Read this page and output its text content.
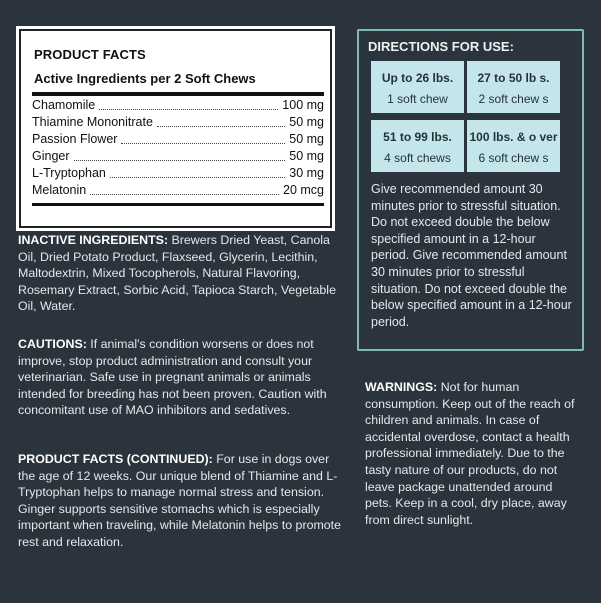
PRODUCT FACTS
Active Ingredients per 2 Soft Chews
Chamomile	100 mg
Thiamine Mononitrate	50 mg
Passion Flower	50 mg
Ginger	50 mg
L-Tryptophan	30 mg
Melatonin	20 mcg
DIRECTIONS FOR USE:
Up to 26 lbs.
1 soft chew
27 to 50 lb s.
2 soft chew s
51 to 99 lbs.
4 soft chews
100 lbs. & o ver
6 soft chew s
Give recommended amount 30 minutes prior to stressful situation. Do not exceed double the below specified amount in a 12-hour period. Give recommended amount 30 minutes prior to stressful situation. Do not exceed double the below specified amount in a 12-hour period.
INACTIVE INGREDIENTS: Brewers Dried Yeast, Canola Oil, Dried Potato Product, Flaxseed, Glycerin, Lecithin, Maltodextrin, Mixed Tocopherols, Natural Flavoring, Rosemary Extract, Sorbic Acid, Tapioca Starch, Vegetable Oil, Water.
CAUTIONS: If animal's condition worsens or does not improve, stop product administration and consult your veterinarian. Safe use in pregnant animals or animals intended for breeding has not been proven. Caution with concomitant use of MAO inhibitors and sedatives.
PRODUCT FACTS (CONTINUED): For use in dogs over the age of 12 weeks. Our unique blend of Thiamine and L-Tryptophan helps to manage normal stress and tension. Ginger supports sensitive stomachs which is especially important when traveling, while Melatonin helps to promote rest and relaxation.
WARNINGS: Not for human consumption. Keep out of the reach of children and animals. In case of accidental overdose, contact a health professional immediately. Due to the tasty nature of our products, do not leave package unattended around pets. Keep in a cool, dry place, away from direct sunlight.
